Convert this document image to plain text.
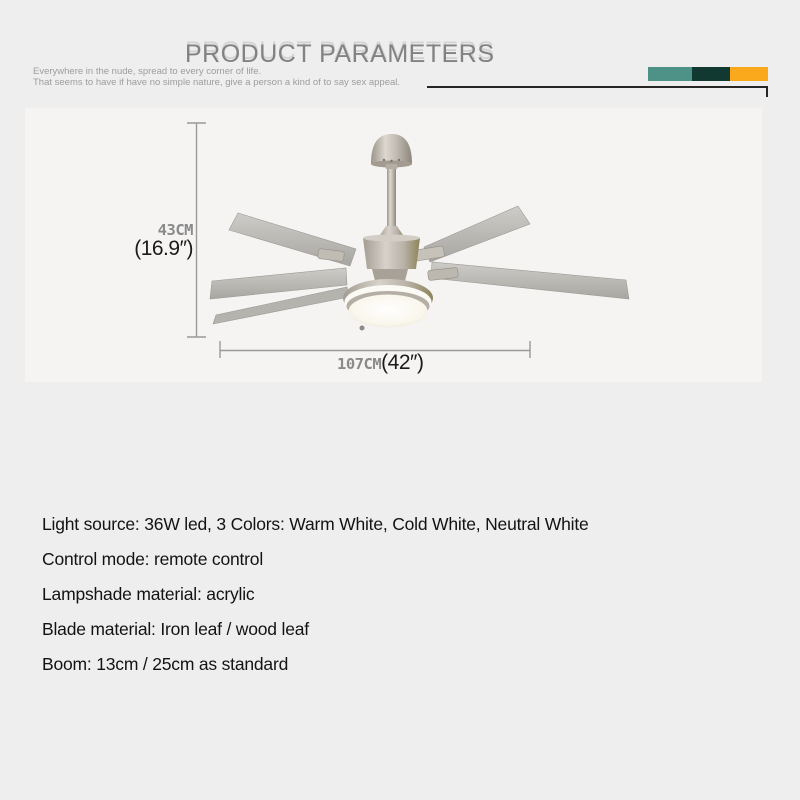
PRODUCT PARAMETERS

Everywhere in the nude, spread to every corner of life.
That seems to have if have no simple nature, give a person a kind of to say sex appeal.

43CM
(16.9″)
107CM(42″)

Light source: 36W led, 3 Colors: Warm White, Cold White, Neutral White

Control mode: remote control

Lampshade material: acrylic

Blade material: Iron leaf / wood leaf

Boom: 13cm / 25cm as standard
